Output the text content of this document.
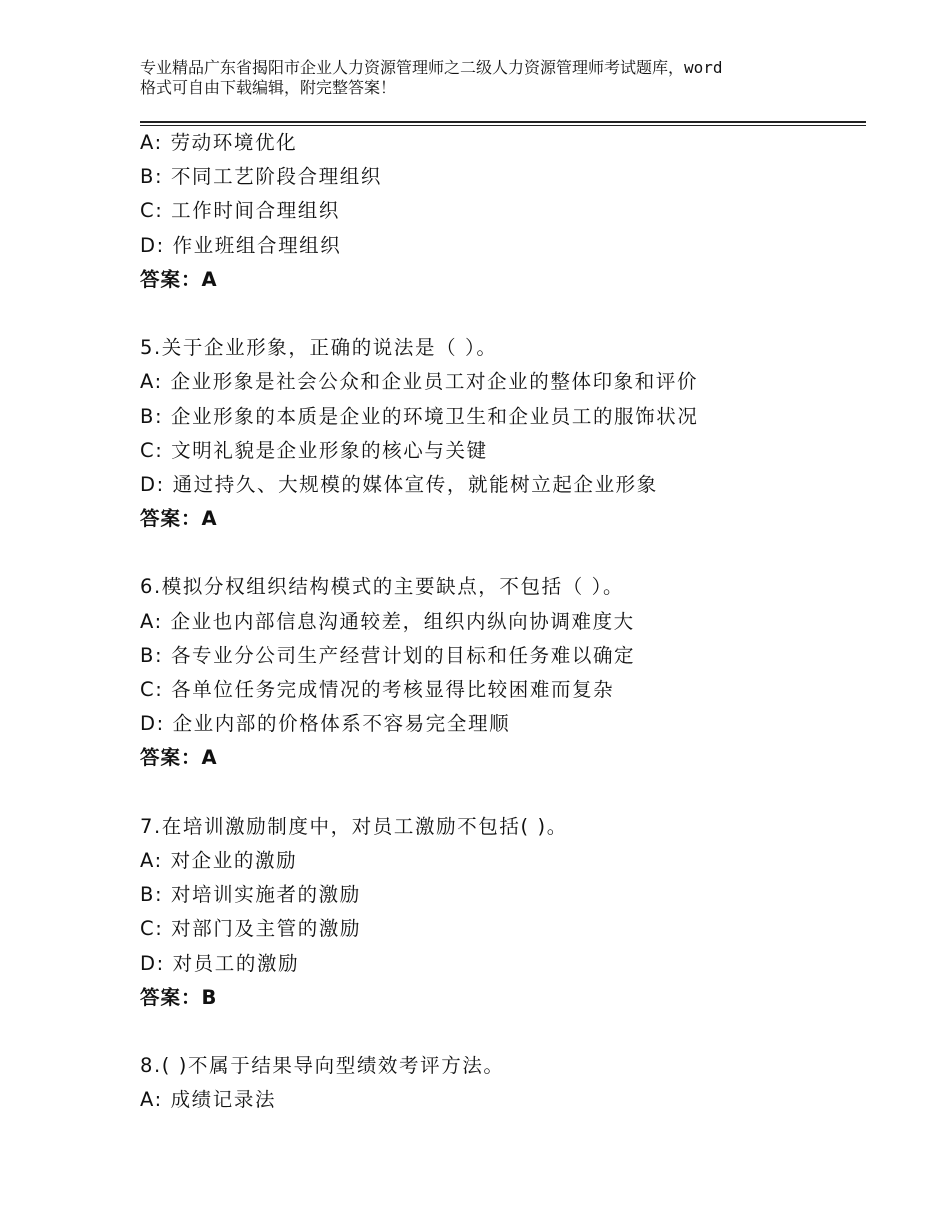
专业精品广东省揭阳市企业人力资源管理师之二级人力资源管理师考试题库，word
格式可自由下载编辑，附完整答案！
A: 劳动环境优化
B: 不同工艺阶段合理组织
C: 工作时间合理组织
D: 作业班组合理组织
答案：A
5.关于企业形象，正确的说法是（ ）。
A: 企业形象是社会公众和企业员工对企业的整体印象和评价
B: 企业形象的本质是企业的环境卫生和企业员工的服饰状况
C: 文明礼貌是企业形象的核心与关键
D: 通过持久、大规模的媒体宣传，就能树立起企业形象
答案：A
6.模拟分权组织结构模式的主要缺点，不包括（ ）。
A: 企业也内部信息沟通较差，组织内纵向协调难度大
B: 各专业分公司生产经营计划的目标和任务难以确定
C: 各单位任务完成情况的考核显得比较困难而复杂
D: 企业内部的价格体系不容易完全理顺
答案：A
7.在培训激励制度中，对员工激励不包括( )。
A: 对企业的激励
B: 对培训实施者的激励
C: 对部门及主管的激励
D: 对员工的激励
答案：B
8.( )不属于结果导向型绩效考评方法。
A: 成绩记录法
